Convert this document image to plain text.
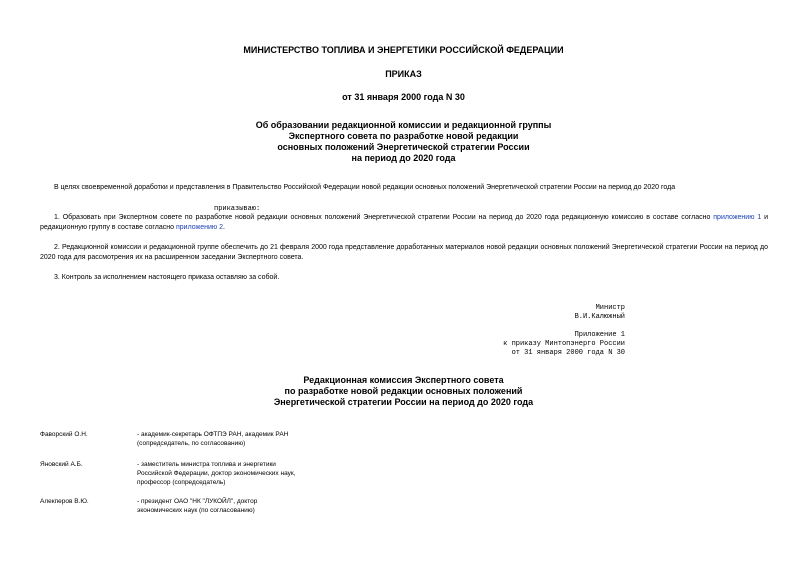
МИНИСТЕРСТВО ТОПЛИВА И ЭНЕРГЕТИКИ РОССИЙСКОЙ ФЕДЕРАЦИИ
ПРИКАЗ
от 31 января 2000 года N 30
Об образовании редакционной комиссии и редакционной группы
Экспертного совета по разработке новой редакции
основных положений Энергетической стратегии России
на период до 2020 года
В целях своевременной доработки и представления в Правительство Российской Федерации новой редакции основных положений Энергетической стратегии России на период до 2020 года
приказываю:
1. Образовать при Экспертном совете по разработке новой редакции основных положений Энергетической стратегии России на период до 2020 года редакционную комиссию в составе согласно приложению 1 и редакционную группу в составе согласно приложению 2.
2. Редакционной комиссии и редакционной группе обеспечить до 21 февраля 2000 года представление доработанных материалов новой редакции основных положений Энергетической стратегии России на период до 2020 года для рассмотрения их на расширенном заседании Экспертного совета.
3. Контроль за исполнением настоящего приказа оставляю за собой.
Министр
В.И.Калюжный
Приложение 1
к приказу Минтопэнерго России
от 31 января 2000 года N 30
Редакционная комиссия Экспертного совета
по разработке новой редакции основных положений
Энергетической стратегии России на период до 2020 года
Фаворский О.Н.	- академик-секретарь ОФТПЭ РАН, академик РАН
(сопредседатель, по согласованию)
Яновский А.Б.	- заместитель министра топлива и энергетики
Российской Федерации, доктор экономических наук,
профессор (сопредседатель)
Алекперов В.Ю.	- президент ОАО "НК "ЛУКОЙЛ", доктор
экономических наук (по согласованию)
